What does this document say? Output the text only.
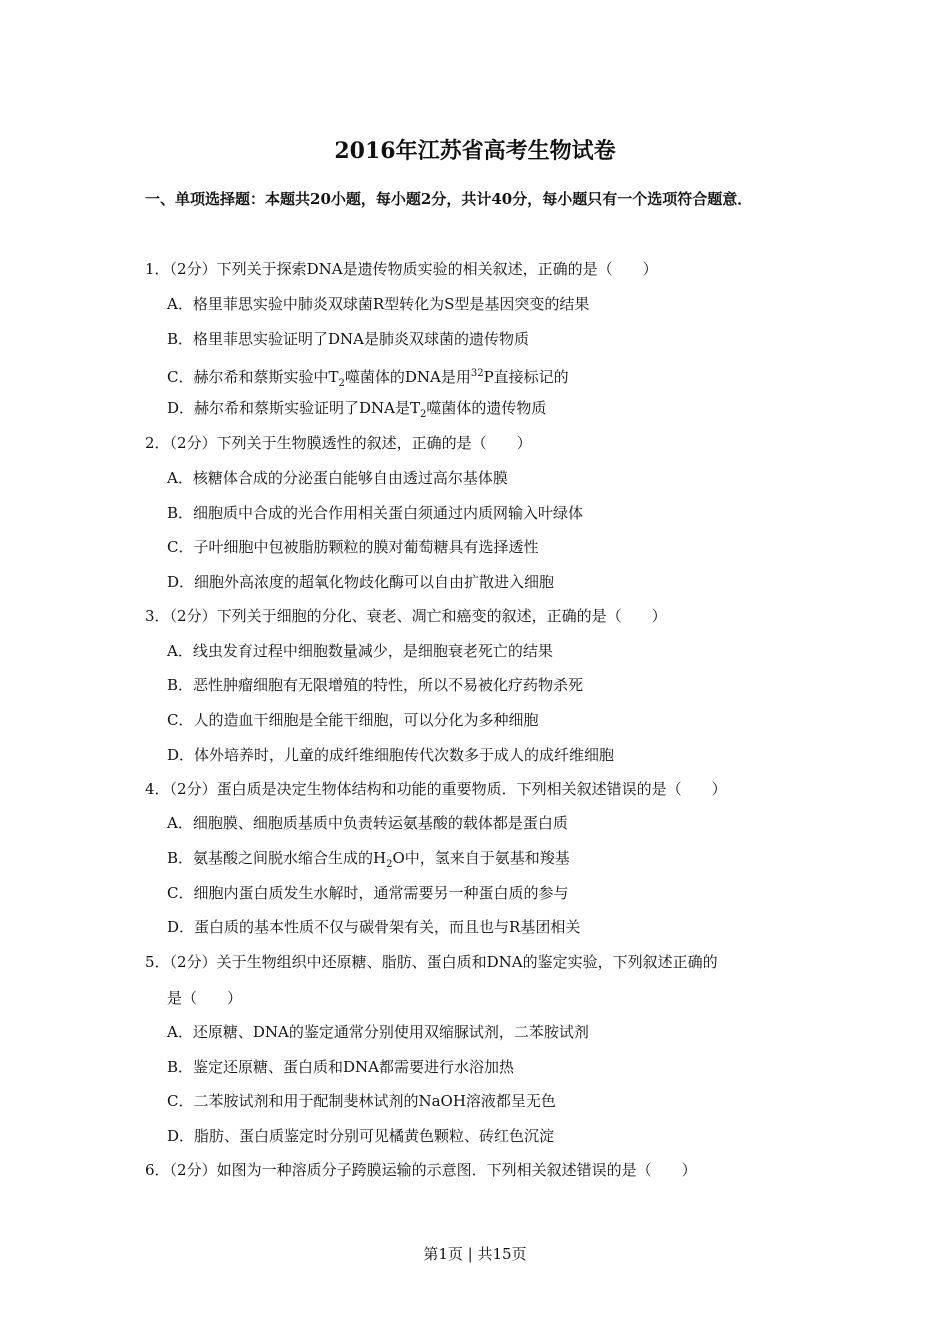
2016年江苏省高考生物试卷
一、单项选择题：本题共20小题，每小题2分，共计40分，每小题只有一个选项符合题意．
1．（2分）下列关于探索DNA是遗传物质实验的相关叙述，正确的是（　　）
A．格里菲思实验中肺炎双球菌R型转化为S型是基因突变的结果
B．格里菲思实验证明了DNA是肺炎双球菌的遗传物质
C．赫尔希和蔡斯实验中$T_2$噬菌体的DNA是用$^{32}$P直接标记的
D．赫尔希和蔡斯实验证明了DNA是$T_2$噬菌体的遗传物质
2．（2分）下列关于生物膜透性的叙述，正确的是（　　）
A．核糖体合成的分泌蛋白能够自由透过高尔基体膜
B．细胞质中合成的光合作用相关蛋白须通过内质网输入叶绿体
C．子叶细胞中包被脂肪颗粒的膜对葡萄糖具有选择透性
D．细胞外高浓度的超氧化物歧化酶可以自由扩散进入细胞
3．（2分）下列关于细胞的分化、衰老、凋亡和癌变的叙述，正确的是（　　）
A．线虫发育过程中细胞数量减少，是细胞衰老死亡的结果
B．恶性肿瘤细胞有无限增殖的特性，所以不易被化疗药物杀死
C．人的造血干细胞是全能干细胞，可以分化为多种细胞
D．体外培养时，儿童的成纤维细胞传代次数多于成人的成纤维细胞
4．（2分）蛋白质是决定生物体结构和功能的重要物质．下列相关叙述错误的是（　　）
A．细胞膜、细胞质基质中负责转运氨基酸的载体都是蛋白质
B．氨基酸之间脱水缩合生成的$H_2O$中，氢来自于氨基和羧基
C．细胞内蛋白质发生水解时，通常需要另一种蛋白质的参与
D．蛋白质的基本性质不仅与碳骨架有关，而且也与R基团相关
5．（2分）关于生物组织中还原糖、脂肪、蛋白质和DNA的鉴定实验，下列叙述正确的
是（　　）
A．还原糖、DNA的鉴定通常分别使用双缩脲试剂，二苯胺试剂
B．鉴定还原糖、蛋白质和DNA都需要进行水浴加热
C．二苯胺试剂和用于配制斐林试剂的NaOH溶液都呈无色
D．脂肪、蛋白质鉴定时分别可见橘黄色颗粒、砖红色沉淀
6．（2分）如图为一种溶质分子跨膜运输的示意图．下列相关叙述错误的是（　　）
第1页 | 共15页
